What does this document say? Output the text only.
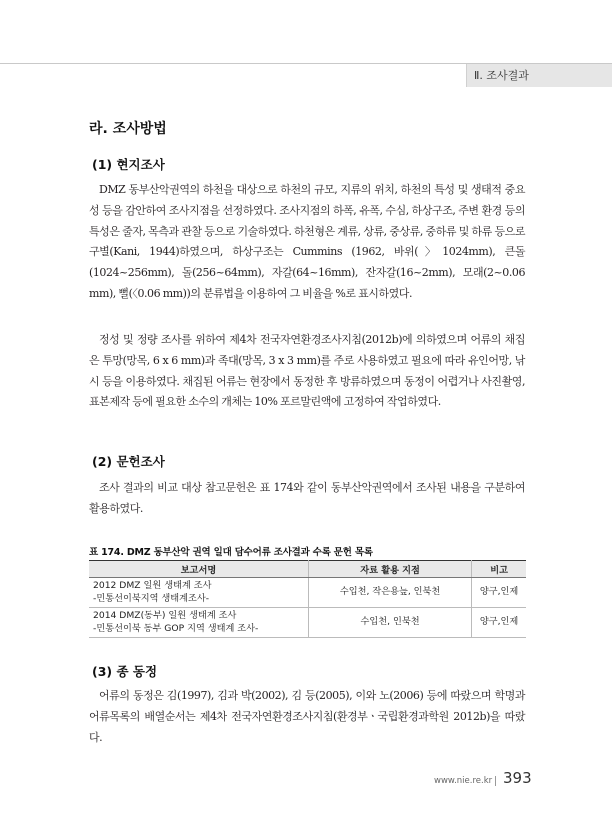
Ⅱ. 조사결과
라. 조사방법
(1) 현지조사
DMZ 동부산악권역의 하천을 대상으로 하천의 규모, 지류의 위치, 하천의 특성 및 생태적 중요성 등을 감안하여 조사지점을 선정하였다. 조사지점의 하폭, 유폭, 수심, 하상구조, 주변 환경 등의 특성은 줄자, 목측과 관찰 등으로 기술하였다. 하천형은 계류, 상류, 중상류, 중하류 및 하류 등으로 구별(Kani, 1944)하였으며, 하상구조는 Cummins (1962, 바위(〉1024mm), 큰돌(1024~256mm), 돌(256~64mm), 자갈(64~16mm), 잔자갈(16~2mm), 모래(2~0.06 mm), 뻘(〈0.06 mm))의 분류법을 이용하여 그 비율을 %로 표시하였다.
정성 및 정량 조사를 위하여 제4차 전국자연환경조사지침(2012b)에 의하였으며 어류의 채집은 투망(망목, 6 x 6 mm)과 족대(망목, 3 x 3 mm)를 주로 사용하였고 필요에 따라 유인어망, 낚시 등을 이용하였다. 채집된 어류는 현장에서 동정한 후 방류하였으며 동정이 어렵거나 사진촬영, 표본제작 등에 필요한 소수의 개체는 10% 포르말린액에 고정하여 작업하였다.
(2) 문헌조사
조사 결과의 비교 대상 참고문헌은 표 174와 같이 동부산악권역에서 조사된 내용을 구분하여 활용하였다.
표 174. DMZ 동부산악 권역 일대 담수어류 조사결과 수록 문헌 목록
보고서명	자료 활용 지점	비고

2012 DMZ 일원 생태계 조사
-민통선이북지역 생태계조사-	수입천, 작은용늪, 인북천	양구,인제

2014 DMZ(동부) 일원 생태계 조사
-민통선이북 동부 GOP 지역 생태계 조사-	수입천, 인북천	양구,인제
(3) 종 동정
어류의 동정은 김(1997), 김과 박(2002), 김 등(2005), 이와 노(2006) 등에 따랐으며 학명과 어류목록의 배열순서는 제4차 전국자연환경조사지침(환경부ㆍ국립환경과학원 2012b)을 따랐다.
www.nie.re.kr 393
